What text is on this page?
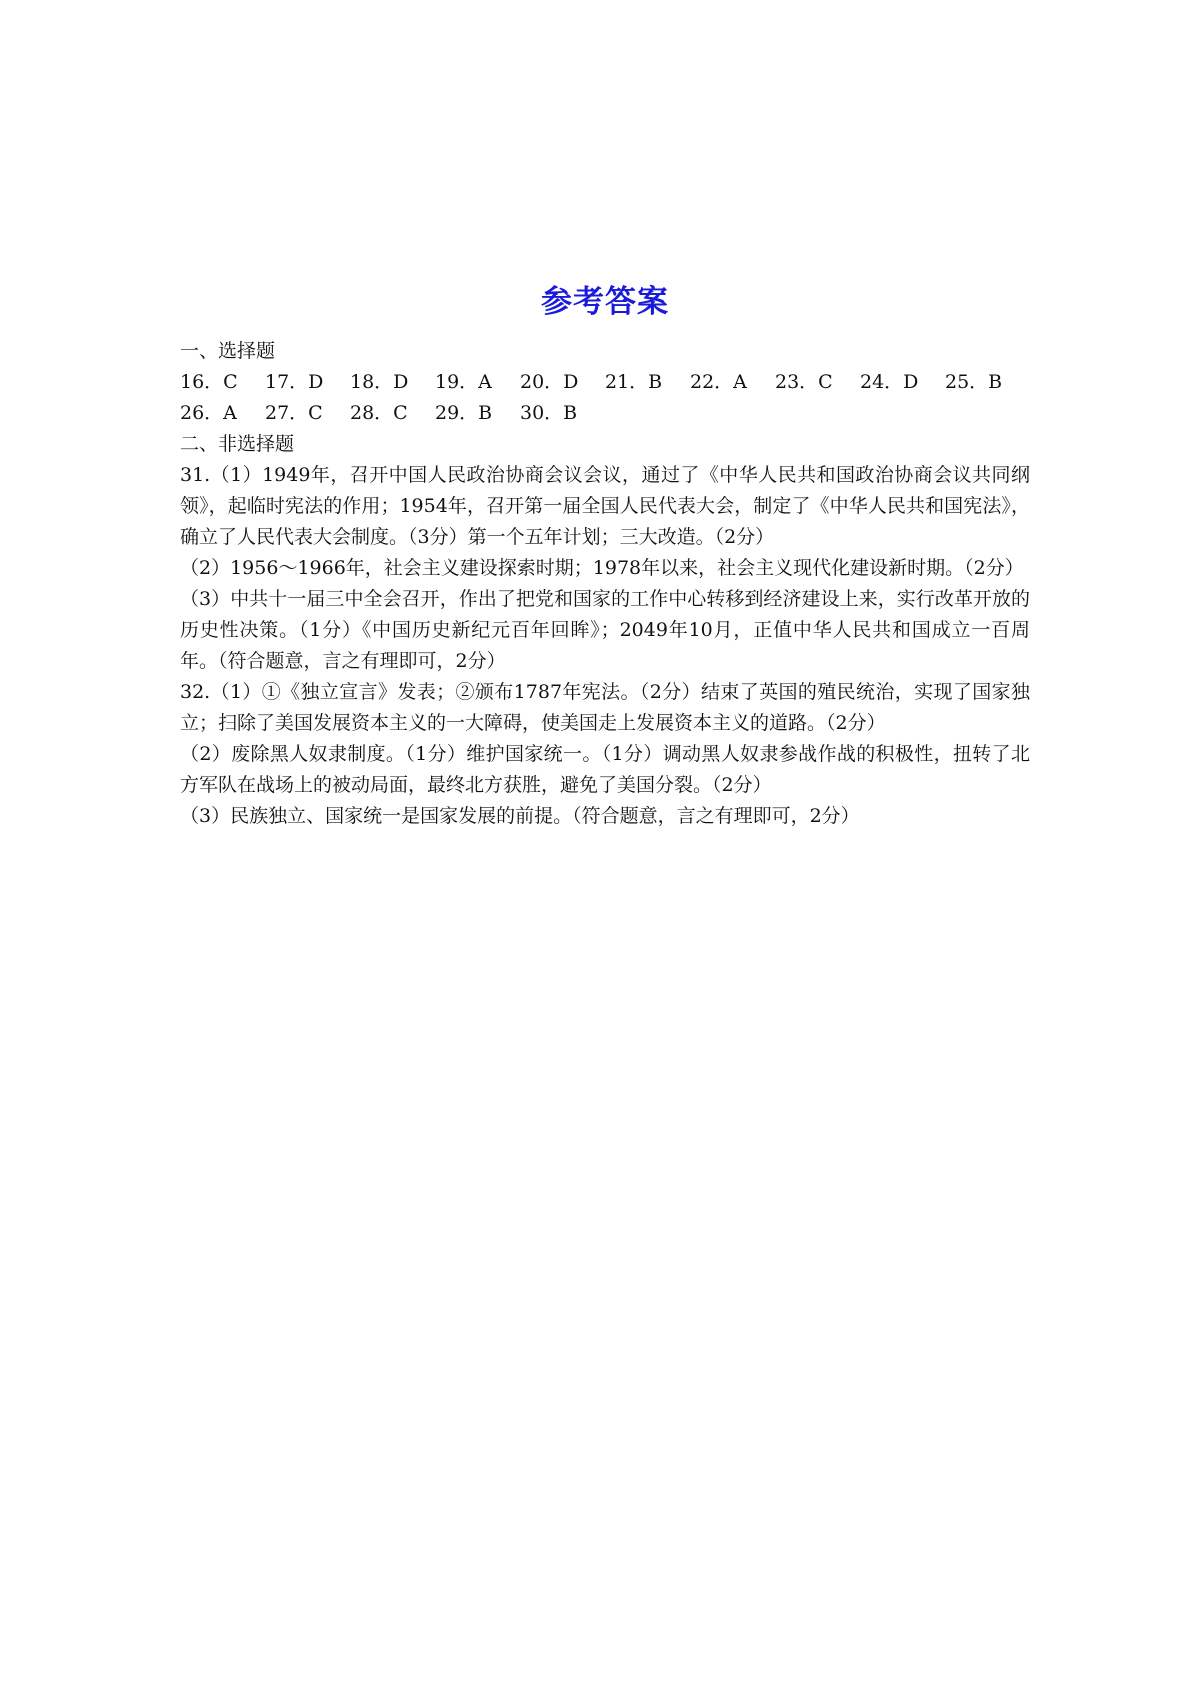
参考答案
一、选择题
16．C 17．D 18．D 19．A 20．D 21．B 22．A 23．C 24．D 25．B
26．A 27．C 28．C 29．B 30．B
二、非选择题

31.（1）1949年，召开中国人民政治协商会议会议，通过了《中华人民共和国政治协商会议共同纲领》，起临时宪法的作用；1954年，召开第一届全国人民代表大会，制定了《中华人民共和国宪法》，确立了人民代表大会制度。（3分）第一个五年计划；三大改造。（2分）

（2）1956～1966年，社会主义建设探索时期；1978年以来，社会主义现代化建设新时期。（2分）

（3）中共十一届三中全会召开，作出了把党和国家的工作中心转移到经济建设上来，实行改革开放的历史性决策。（1分）《中国历史新纪元百年回眸》；2049年10月，正值中华人民共和国成立一百周年。（符合题意，言之有理即可，2分）

32.（1）①《独立宣言》发表；②颁布1787年宪法。（2分）结束了英国的殖民统治，实现了国家独立；扫除了美国发展资本主义的一大障碍，使美国走上发展资本主义的道路。（2分）

（2）废除黑人奴隶制度。（1分）维护国家统一。（1分）调动黑人奴隶参战作战的积极性，扭转了北方军队在战场上的被动局面，最终北方获胜，避免了美国分裂。（2分）

（3）民族独立、国家统一是国家发展的前提。（符合题意，言之有理即可，2分）
